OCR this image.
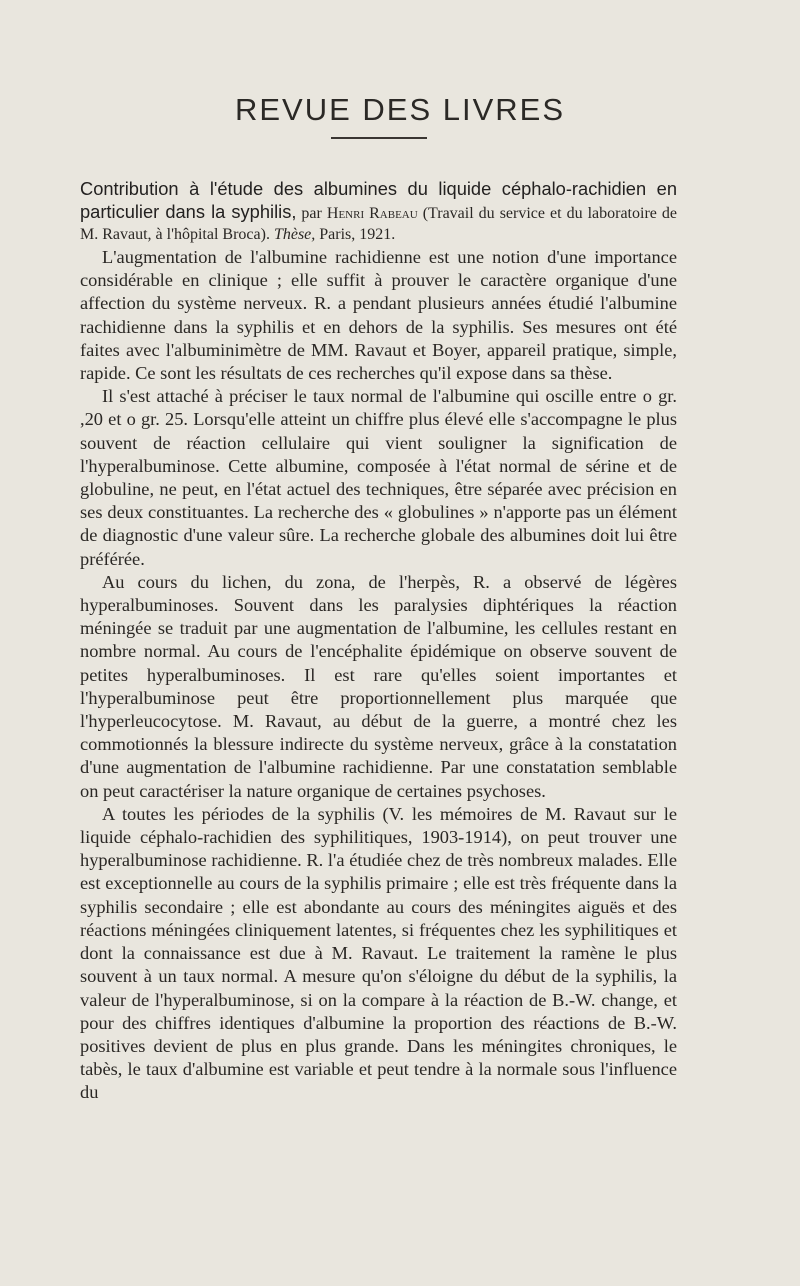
REVUE DES LIVRES

Contribution à l'étude des albumines du liquide céphalo-rachidien en particulier dans la syphilis, par Henri Rabeau (Travail du service et du laboratoire de M. Ravaut, à l'hôpital Broca). Thèse, Paris, 1921.

L'augmentation de l'albumine rachidienne est une notion d'une importance considérable en clinique ; elle suffit à prouver le caractère organique d'une affection du système nerveux. R. a pendant plusieurs années étudié l'albumine rachidienne dans la syphilis et en dehors de la syphilis. Ses mesures ont été faites avec l'albuminimètre de MM. Ravaut et Boyer, appareil pratique, simple, rapide. Ce sont les résultats de ces recherches qu'il expose dans sa thèse.

Il s'est attaché à préciser le taux normal de l'albumine qui oscille entre o gr. ,20 et o gr. 25. Lorsqu'elle atteint un chiffre plus élevé elle s'accompagne le plus souvent de réaction cellulaire qui vient souligner la signification de l'hyperalbuminose. Cette albumine, composée à l'état normal de sérine et de globuline, ne peut, en l'état actuel des techniques, être séparée avec précision en ses deux constituantes. La recherche des « globulines » n'apporte pas un élément de diagnostic d'une valeur sûre. La recherche globale des albumines doit lui être préférée.

Au cours du lichen, du zona, de l'herpès, R. a observé de légères hyperalbuminoses. Souvent dans les paralysies diphtériques la réaction méningée se traduit par une augmentation de l'albumine, les cellules restant en nombre normal. Au cours de l'encéphalite épidémique on observe souvent de petites hyperalbuminoses. Il est rare qu'elles soient importantes et l'hyperalbuminose peut être proportionnellement plus marquée que l'hyperleucocytose. M. Ravaut, au début de la guerre, a montré chez les commotionnés la blessure indirecte du système nerveux, grâce à la constatation d'une augmentation de l'albumine rachidienne. Par une constatation semblable on peut caractériser la nature organique de certaines psychoses.

A toutes les périodes de la syphilis (V. les mémoires de M. Ravaut sur le liquide céphalo-rachidien des syphilitiques, 1903-1914), on peut trouver une hyperalbuminose rachidienne. R. l'a étudiée chez de très nombreux malades. Elle est exceptionnelle au cours de la syphilis primaire ; elle est très fréquente dans la syphilis secondaire ; elle est abondante au cours des méningites aiguës et des réactions méningées cliniquement latentes, si fréquentes chez les syphilitiques et dont la connaissance est due à M. Ravaut. Le traitement la ramène le plus souvent à un taux normal. A mesure qu'on s'éloigne du début de la syphilis, la valeur de l'hyperalbuminose, si on la compare à la réaction de B.-W. change, et pour des chiffres identiques d'albumine la proportion des réactions de B.-W. positives devient de plus en plus grande. Dans les méningites chroniques, le tabès, le taux d'albumine est variable et peut tendre à la normale sous l'influence du
